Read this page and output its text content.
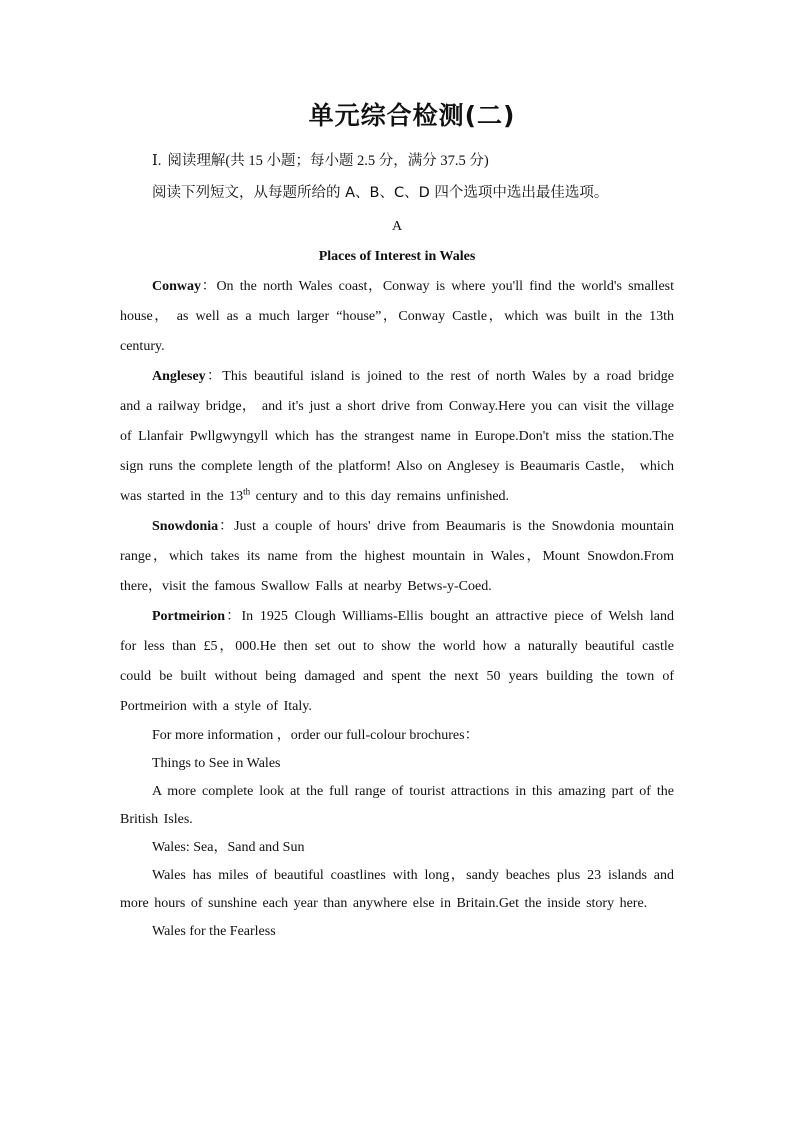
单元综合检测(二)

Ⅰ. 阅读理解(共 15 小题；每小题 2.5 分，满分 37.5 分)

阅读下列短文，从每题所给的 A、B、C、D 四个选项中选出最佳选项。

A

Places of Interest in Wales

Conway：On the north Wales coast，Conway is where you'll find the world's smallest house， as well as a much larger “house”，Conway Castle，which was built in the 13th century.

Anglesey：This beautiful island is joined to the rest of north Wales by a road bridge and a railway bridge， and it's just a short drive from Conway.Here you can visit the village of Llanfair Pwllgwyngyll which has the strangest name in Europe.Don't miss the station.The sign runs the complete length of the platform! Also on Anglesey is Beaumaris Castle， which was started in the 13th century and to this day remains unfinished.

Snowdonia：Just a couple of hours' drive from Beaumaris is the Snowdonia mountain range，which takes its name from the highest mountain in Wales，Mount Snowdon.From there，visit the famous Swallow Falls at nearby Betws-y-Coed.

Portmeirion：In 1925 Clough Williams-Ellis bought an attractive piece of Welsh land for less than £5，000.He then set out to show the world how a naturally beautiful castle could be built without being damaged and spent the next 50 years building the town of Portmeirion with a style of Italy.

For more information ，order our full-colour brochures：

Things to See in Wales

A more complete look at the full range of tourist attractions in this amazing part of the British Isles.

Wales: Sea，Sand and Sun

Wales has miles of beautiful coastlines with long，sandy beaches plus 23 islands and more hours of sunshine each year than anywhere else in Britain.Get the inside story here.

Wales for the Fearless
